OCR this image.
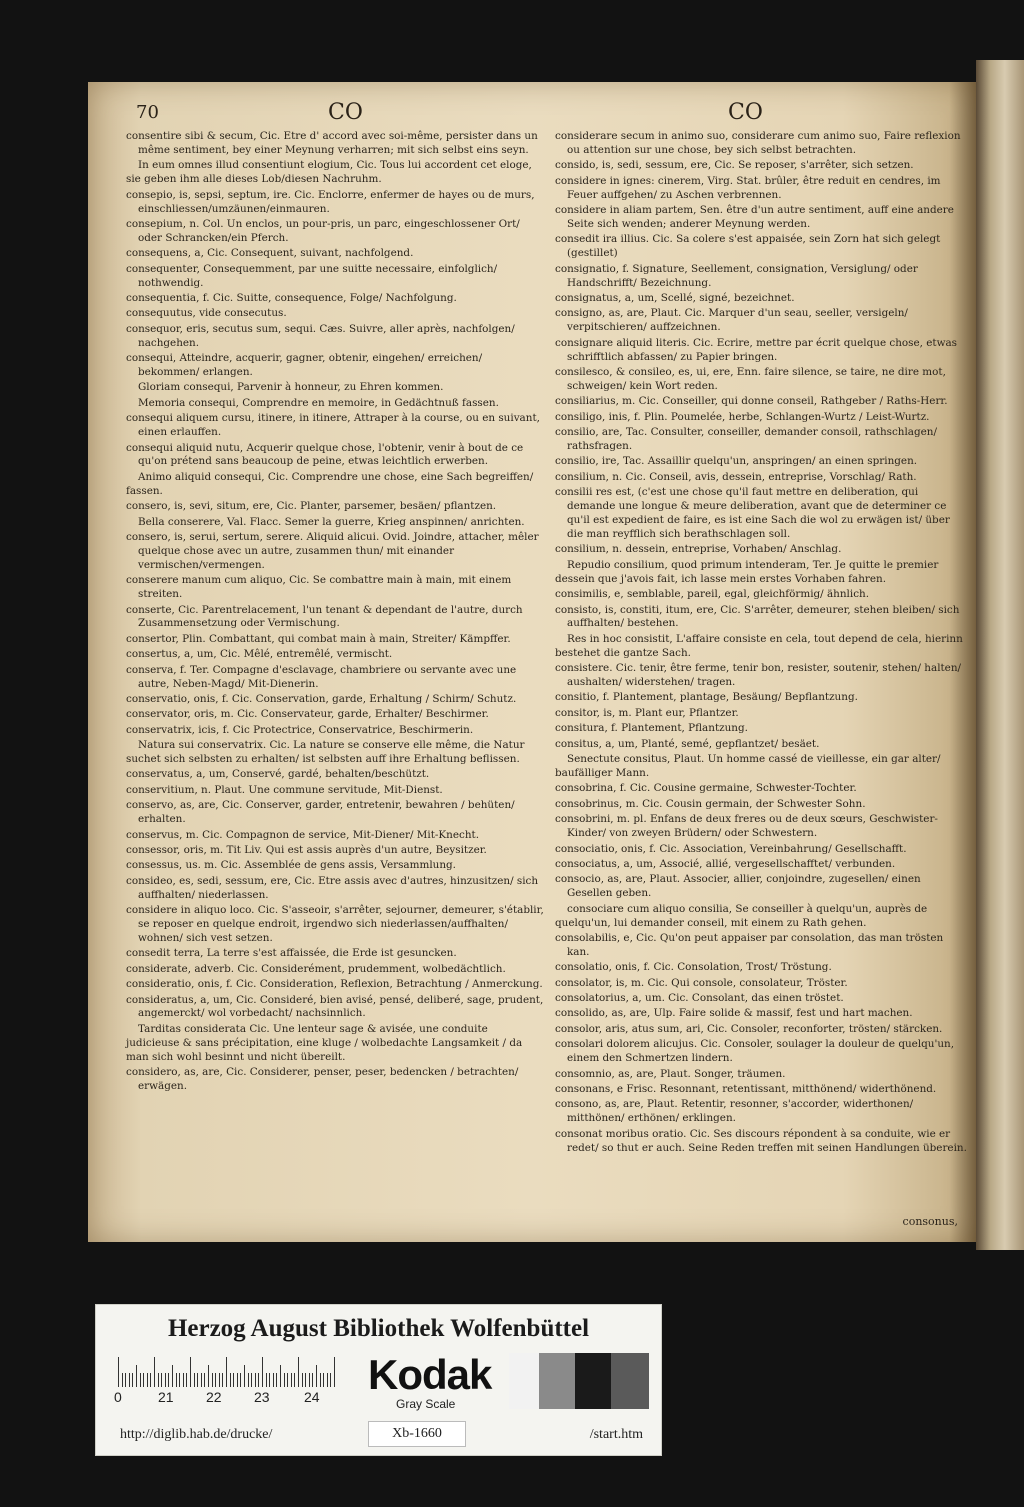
70	CO	CO
consentire sibi & secum, Cic. Etre d' accord avec soi-même, persister dans un même sentiment, bey einer Meynung verharren; mit sich selbst eins seyn.
In eum omnes illud consentiunt elogium, Cic. Tous lui accordent cet eloge, sie geben ihm alle dieses Lob/diesen Nachruhm.
consepio, is, sepsi, septum, ire. Cic. Enclorre, enfermer de hayes ou de murs, einschliessen/umzäunen/einmauren.
consepium, n. Col. Un enclos, un pour-pris, un parc, eingeschlossener Ort/ oder Schrancken/ein Pferch.
consequens, a, Cic. Consequent, suivant, nachfolgend.
consequenter, Consequemment, par une suitte necessaire, einfolglich/ nothwendig.
consequentia, f. Cic. Suitte, consequence, Folge/ Nachfolgung.
consequutus, vide consecutus.
consequor, eris, secutus sum, sequi. Cæs. Suivre, aller après, nachfolgen/ nachgehen.
consequi, Atteindre, acquerir, gagner, obtenir, eingehen/ erreichen/ bekommen/ erlangen.
Gloriam consequi, Parvenir à honneur, zu Ehren kommen.
Memoria consequi, Comprendre en memoire, in Gedächtnuß fassen.
consequi aliquem cursu, itinere, in itinere, Attraper à la course, ou en suivant, einen erlauffen.
consequi aliquid nutu, Acquerir quelque chose, l'obtenir, venir à bout de ce qu'on prétend sans beaucoup de peine, etwas leichtlich erwerben.
Animo aliquid consequi, Cic. Comprendre une chose, eine Sach begreiffen/ fassen.
consero, is, sevi, situm, ere, Cic. Planter, parsemer, besäen/ pflantzen.
Bella conserere, Val. Flacc. Semer la guerre, Krieg anspinnen/ anrichten.
consero, is, serui, sertum, serere. Aliquid alicui. Ovid. Joindre, attacher, mêler quelque chose avec un autre, zusammen thun/ mit einander vermischen/vermengen.
conserere manum cum aliquo, Cic. Se combattre main à main, mit einem streiten.
conserte, Cic. Parentrelacement, l'un tenant & dependant de l'autre, durch Zusammensetzung oder Vermischung.
consertor, Plin. Combattant, qui combat main à main, Streiter/ Kämpffer.
consertus, a, um, Cic. Mêlé, entremêlé, vermischt.
conserva, f. Ter. Compagne d'esclavage, chambriere ou servante avec une autre, Neben-Magd/ Mit-Dienerin.
conservatio, onis, f. Cic. Conservation, garde, Erhaltung / Schirm/ Schutz.
conservator, oris, m. Cic. Conservateur, garde, Erhalter/ Beschirmer.
conservatrix, icis, f. Cic Protectrice, Conservatrice, Beschirmerin.
Natura sui conservatrix. Cic. La nature se conserve elle même, die Natur suchet sich selbsten zu erhalten/ ist selbsten auff ihre Erhaltung beflissen.
conservatus, a, um, Conservé, gardé, behalten/beschützt.
conservitium, n. Plaut. Une commune servitude, Mit-Dienst.
conservo, as, are, Cic. Conserver, garder, entretenir, bewahren / behüten/ erhalten.
conservus, m. Cic. Compagnon de service, Mit-Diener/ Mit-Knecht.
consessor, oris, m. Tit Liv. Qui est assis auprès d'un autre, Beysitzer.
consessus, us. m. Cic. Assemblée de gens assis, Versammlung.
consideo, es, sedi, sessum, ere, Cic. Etre assis avec d'autres, hinzusitzen/ sich auffhalten/ niederlassen.
considere in aliquo loco. Cic. S'asseoir, s'arrêter, sejourner, demeurer, s'établir, se reposer en quelque endroit, irgendwo sich niederlassen/auffhalten/ wohnen/ sich vest setzen.
consedit terra, La terre s'est affaissée, die Erde ist gesuncken.
considerate, adverb. Cic. Considerément, prudemment, wolbedächtlich.
consideratio, onis, f. Cic. Consideration, Reflexion, Betrachtung / Anmerckung.
consideratus, a, um, Cic. Consideré, bien avisé, pensé, deliberé, sage, prudent, angemerckt/ wol vorbedacht/ nachsinnlich.
Tarditas considerata Cic. Une lenteur sage & avisée, une conduite judicieuse & sans précipitation, eine kluge / wolbedachte Langsamkeit / da man sich wohl besinnt und nicht übereilt.
considero, as, are, Cic. Considerer, penser, peser, bedencken / betrachten/ erwägen.
considerare secum in animo suo, considerare cum animo suo, Faire reflexion ou attention sur une chose, bey sich selbst betrachten.
consido, is, sedi, sessum, ere, Cic. Se reposer, s'arrêter, sich setzen.
considere in ignes: cinerem, Virg. Stat. brûler, être reduit en cendres, im Feuer auffgehen/ zu Aschen verbrennen.
considere in aliam partem, Sen. être d'un autre sentiment, auff eine andere Seite sich wenden; anderer Meynung werden.
consedit ira illius. Cic. Sa colere s'est appaisée, sein Zorn hat sich gelegt (gestillet)
consignatio, f. Signature, Seellement, consignation, Versiglung/ oder Handschrifft/ Bezeichnung.
consignatus, a, um, Scellé, signé, bezeichnet.
consigno, as, are, Plaut. Cic. Marquer d'un seau, seeller, versigeln/ verpitschieren/ auffzeichnen.
consignare aliquid literis. Cic. Ecrire, mettre par écrit quelque chose, etwas schrifftlich abfassen/ zu Papier bringen.
consilesco, & consileo, es, ui, ere, Enn. faire silence, se taire, ne dire mot, schweigen/ kein Wort reden.
consiliarius, m. Cic. Conseiller, qui donne conseil, Rathgeber / Raths-Herr.
consiligo, inis, f. Plin. Poumelée, herbe, Schlangen-Wurtz / Leist-Wurtz.
consilio, are, Tac. Consulter, conseiller, demander consoil, rathschlagen/ rathsfragen.
consilio, ire, Tac. Assaillir quelqu'un, anspringen/ an einen springen.
consilium, n. Cic. Conseil, avis, dessein, entreprise, Vorschlag/ Rath.
consilii res est, (c'est une chose qu'il faut mettre en deliberation, qui demande une longue & meure deliberation, avant que de determiner ce qu'il est expedient de faire, es ist eine Sach die wol zu erwägen ist/ über die man reyfflich sich berathschlagen soll.
consilium, n. dessein, entreprise, Vorhaben/ Anschlag.
Repudio consilium, quod primum intenderam, Ter. Je quitte le premier dessein que j'avois fait, ich lasse mein erstes Vorhaben fahren.
consimilis, e, semblable, pareil, egal, gleichförmig/ ähnlich.
consisto, is, constiti, itum, ere, Cic. S'arrêter, demeurer, stehen bleiben/ sich auffhalten/ bestehen.
Res in hoc consistit, L'affaire consiste en cela, tout depend de cela, hierinn bestehet die gantze Sach.
consistere. Cic. tenir, être ferme, tenir bon, resister, soutenir, stehen/ halten/ aushalten/ widerstehen/ tragen.
consitio, f. Plantement, plantage, Besäung/ Bepflantzung.
consitor, is, m. Plant eur, Pflantzer.
consitura, f. Plantement, Pflantzung.
consitus, a, um, Planté, semé, gepflantzet/ besäet.
Senectute consitus, Plaut. Un homme cassé de vieillesse, ein gar alter/ baufälliger Mann.
consobrina, f. Cic. Cousine germaine, Schwester-Tochter.
consobrinus, m. Cic. Cousin germain, der Schwester Sohn.
consobrini, m. pl. Enfans de deux freres ou de deux sœurs, Geschwister-Kinder/ von zweyen Brüdern/ oder Schwestern.
consociatio, onis, f. Cic. Association, Vereinbahrung/ Gesellschafft.
consociatus, a, um, Associé, allié, vergesellschafftet/ verbunden.
consocio, as, are, Plaut. Associer, allier, conjoindre, zugesellen/ einen Gesellen geben.
consociare cum aliquo consilia, Se conseiller à quelqu'un, auprès de quelqu'un, lui demander conseil, mit einem zu Rath gehen.
consolabilis, e, Cic. Qu'on peut appaiser par consolation, das man trösten kan.
consolatio, onis, f. Cic. Consolation, Trost/ Tröstung.
consolator, is, m. Cic. Qui console, consolateur, Tröster.
consolatorius, a, um. Cic. Consolant, das einen tröstet.
consolido, as, are, Ulp. Faire solide & massif, fest und hart machen.
consolor, aris, atus sum, ari, Cic. Consoler, reconforter, trösten/ stärcken.
consolari dolorem alicujus. Cic. Consoler, soulager la douleur de quelqu'un, einem den Schmertzen lindern.
consomnio, as, are, Plaut. Songer, träumen.
consonans, e Frisc. Resonnant, retentissant, mitthönend/ widerthönend.
consono, as, are, Plaut. Retentir, resonner, s'accorder, widerthonen/ mitthönen/ erthönen/ erklingen.
consonat moribus oratio. Cic. Ses discours répondent à sa conduite, wie er redet/ so thut er auch. Seine Reden treffen mit seinen Handlungen überein.
consonus,
Herzog August Bibliothek Wolfenbüttel
0	21 22 23 24 Kodak
Gray Scale
http://diglib.hab.de/drucke/	Xb-1660	/start.htm
